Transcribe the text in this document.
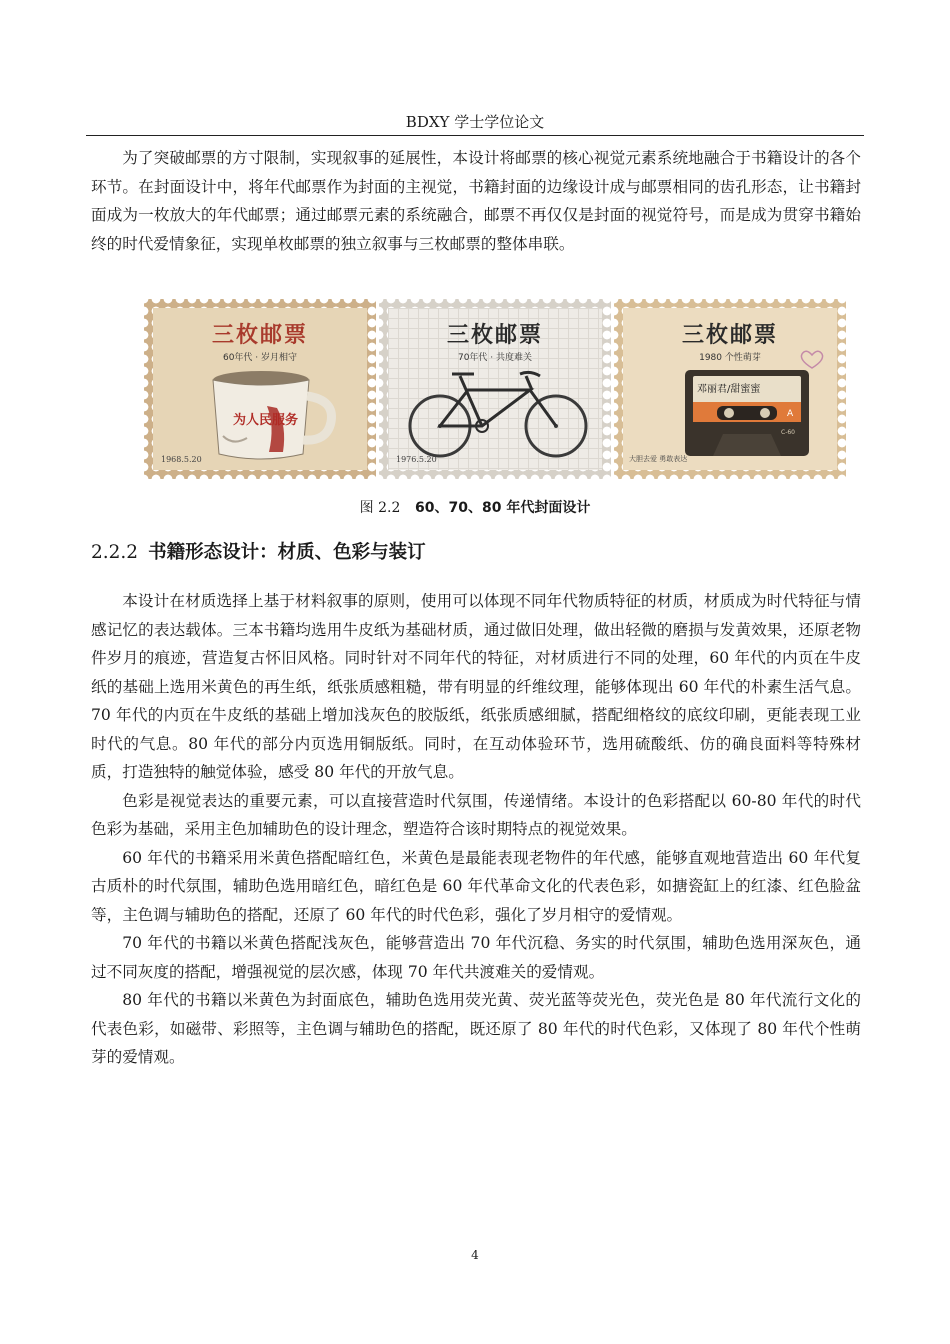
BDXY 学士学位论文

为了突破邮票的方寸限制，实现叙事的延展性，本设计将邮票的核心视觉元素系统地融合于书籍设计的各个环节。在封面设计中，将年代邮票作为封面的主视觉，书籍封面的边缘设计成与邮票相同的齿孔形态，让书籍封面成为一枚放大的年代邮票；通过邮票元素的系统融合，邮票不再仅仅是封面的视觉符号，而是成为贯穿书籍始终的时代爱情象征，实现单枚邮票的独立叙事与三枚邮票的整体串联。

三枚邮票
60年代 · 岁月相守
为人民服务
1968.5.20
三枚邮票
70年代 · 共度难关
1976.5.20
三枚邮票
1980 个性萌芽
邓丽君/甜蜜蜜
A
C-60
大胆去爱 勇敢表达
图 2.2 60、70、80 年代封面设计
2.2.2 书籍形态设计：材质、色彩与装订

本设计在材质选择上基于材料叙事的原则，使用可以体现不同年代物质特征的材质，材质成为时代特征与情感记忆的表达载体。三本书籍均选用牛皮纸为基础材质，通过做旧处理，做出轻微的磨损与发黄效果，还原老物件岁月的痕迹，营造复古怀旧风格。同时针对不同年代的特征，对材质进行不同的处理，60 年代的内页在牛皮纸的基础上选用米黄色的再生纸，纸张质感粗糙，带有明显的纤维纹理，能够体现出 60 年代的朴素生活气息。70 年代的内页在牛皮纸的基础上增加浅灰色的胶版纸，纸张质感细腻，搭配细格纹的底纹印刷，更能表现工业时代的气息。80 年代的部分内页选用铜版纸。同时，在互动体验环节，选用硫酸纸、仿的确良面料等特殊材质，打造独特的触觉体验，感受 80 年代的开放气息。

色彩是视觉表达的重要元素，可以直接营造时代氛围，传递情绪。本设计的色彩搭配以 60-80 年代的时代色彩为基础，采用主色加辅助色的设计理念，塑造符合该时期特点的视觉效果。

60 年代的书籍采用米黄色搭配暗红色，米黄色是最能表现老物件的年代感，能够直观地营造出 60 年代复古质朴的时代氛围，辅助色选用暗红色，暗红色是 60 年代革命文化的代表色彩，如搪瓷缸上的红漆、红色脸盆等，主色调与辅助色的搭配，还原了 60 年代的时代色彩，强化了岁月相守的爱情观。

70 年代的书籍以米黄色搭配浅灰色，能够营造出 70 年代沉稳、务实的时代氛围，辅助色选用深灰色，通过不同灰度的搭配，增强视觉的层次感，体现 70 年代共渡难关的爱情观。

80 年代的书籍以米黄色为封面底色，辅助色选用荧光黄、荧光蓝等荧光色，荧光色是 80 年代流行文化的代表色彩，如磁带、彩照等，主色调与辅助色的搭配，既还原了 80 年代的时代色彩，又体现了 80 年代个性萌芽的爱情观。

4
